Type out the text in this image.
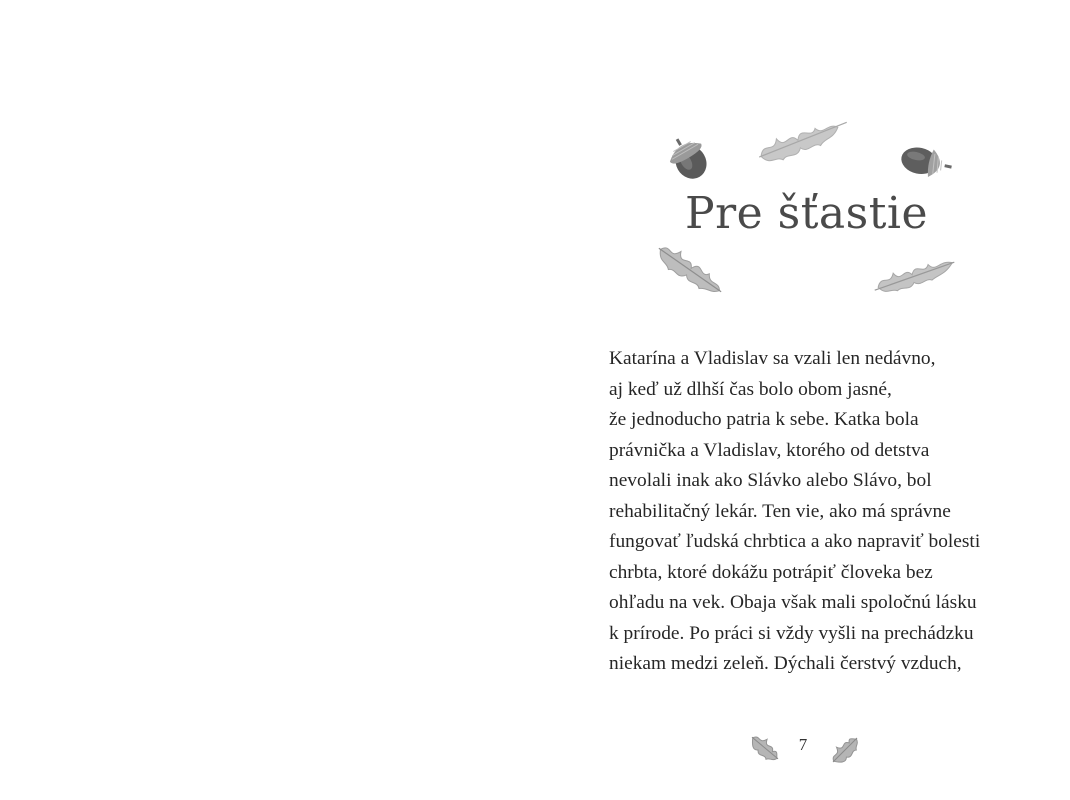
Pre šťastie
Katarína a Vladislav sa vzali len nedávno,
aj keď už dlhší čas bolo obom jasné,
že jednoducho patria k sebe. Katka bola
právnička a Vladislav, ktorého od detstva
nevolali inak ako Slávko alebo Slávo, bol
rehabilitačný lekár. Ten vie, ako má správne
fungovať ľudská chrbtica a ako napraviť bolesti
chrbta, ktoré dokážu potrápiť človeka bez
ohľadu na vek. Obaja však mali spoločnú lásku
k prírode. Po práci si vždy vyšli na prechádzku
niekam medzi zeleň. Dýchali čerstvý vzduch,
7
